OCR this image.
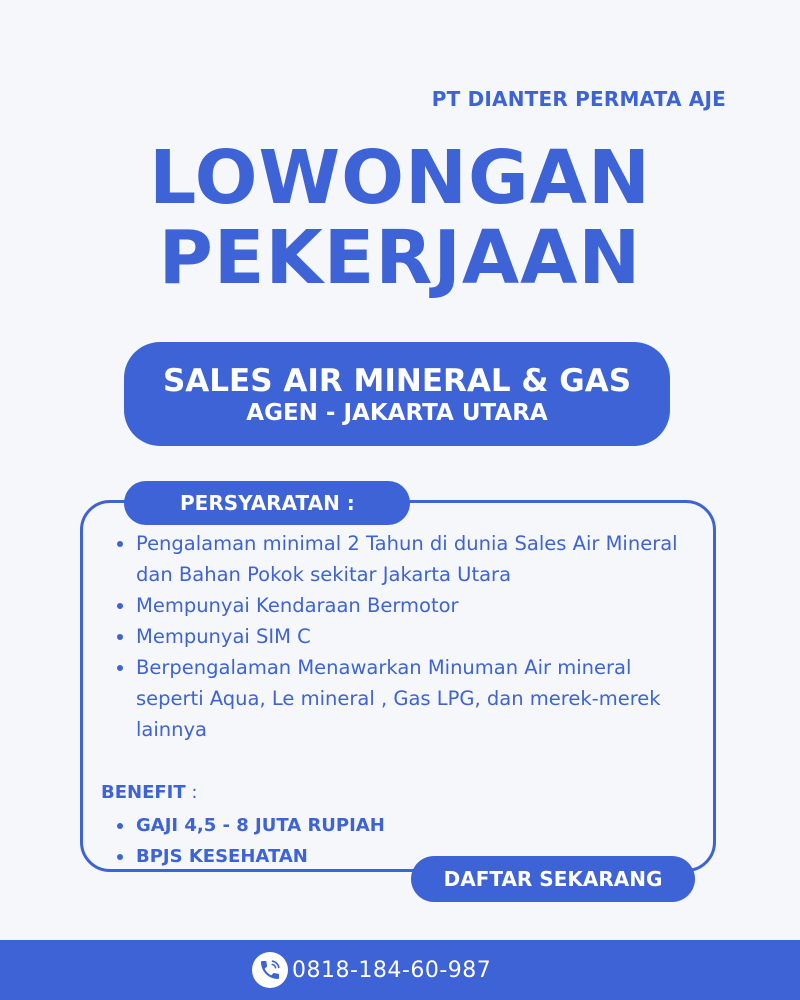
PT DIANTER PERMATA AJE
LOWONGAN
PEKERJAAN
SALES AIR MINERAL & GAS
AGEN - JAKARTA UTARA
PERSYARATAN :
Pengalaman minimal 2 Tahun di dunia Sales Air Mineral dan Bahan Pokok sekitar Jakarta Utara
Mempunyai Kendaraan Bermotor
Mempunyai SIM C
Berpengalaman Menawarkan Minuman Air mineral seperti Aqua, Le mineral , Gas LPG, dan merek-merek lainnya
BENEFIT :
GAJI 4,5 - 8 JUTA RUPIAH
BPJS KESEHATAN
DAFTAR SEKARANG
0818-184-60-987
